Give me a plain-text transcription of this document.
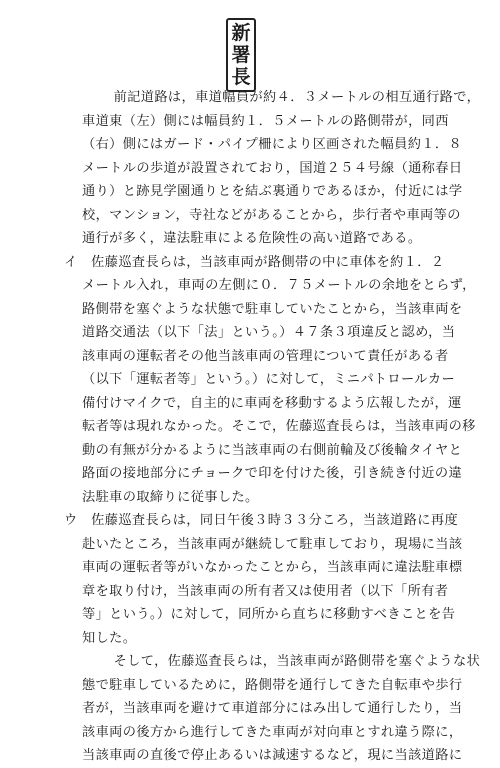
新
署
長
　前記道路は，車道幅員が約４．３メートルの相互通行路で，
車道東（左）側には幅員約１．５メートルの路側帯が，同西
（右）側にはガード・パイプ柵により区画された幅員約１．８
メートルの歩道が設置されており，国道２５４号線（通称春日
通り）と跡見学園通りとを結ぶ裏通りであるほか，付近には学
校，マンション，寺社などがあることから，歩行者や車両等の
通行が多く，違法駐車による危険性の高い道路である。
イ　佐藤巡査長らは，当該車両が路側帯の中に車体を約１．２
メートル入れ，車両の左側に０．７５メートルの余地をとらず，
路側帯を塞ぐような状態で駐車していたことから，当該車両を
道路交通法（以下「法」という。）４７条３項違反と認め，当
該車両の運転者その他当該車両の管理について責任がある者
（以下「運転者等」という。）に対して，ミニパトロールカー
備付けマイクで，自主的に車両を移動するよう広報したが，運
転者等は現れなかった。そこで，佐藤巡査長らは，当該車両の移
動の有無が分かるように当該車両の右側前輪及び後輪タイヤと
路面の接地部分にチョークで印を付けた後，引き続き付近の違
法駐車の取締りに従事した。
ウ　佐藤巡査長らは，同日午後３時３３分ころ，当該道路に再度
赴いたところ，当該車両が継続して駐車しており，現場に当該
車両の運転者等がいなかったことから，当該車両に違法駐車標
章を取り付け，当該車両の所有者又は使用者（以下「所有者
等」という。）に対して，同所から直ちに移動すべきことを告
知した。
　そして，佐藤巡査長らは，当該車両が路側帯を塞ぐような状
態で駐車しているために，路側帯を通行してきた自転車や歩行
者が，当該車両を避けて車道部分にはみ出して通行したり，当
該車両の後方から進行してきた車両が対向車とすれ違う際に，
当該車両の直後で停止あるいは減速するなど，現に当該道路に
